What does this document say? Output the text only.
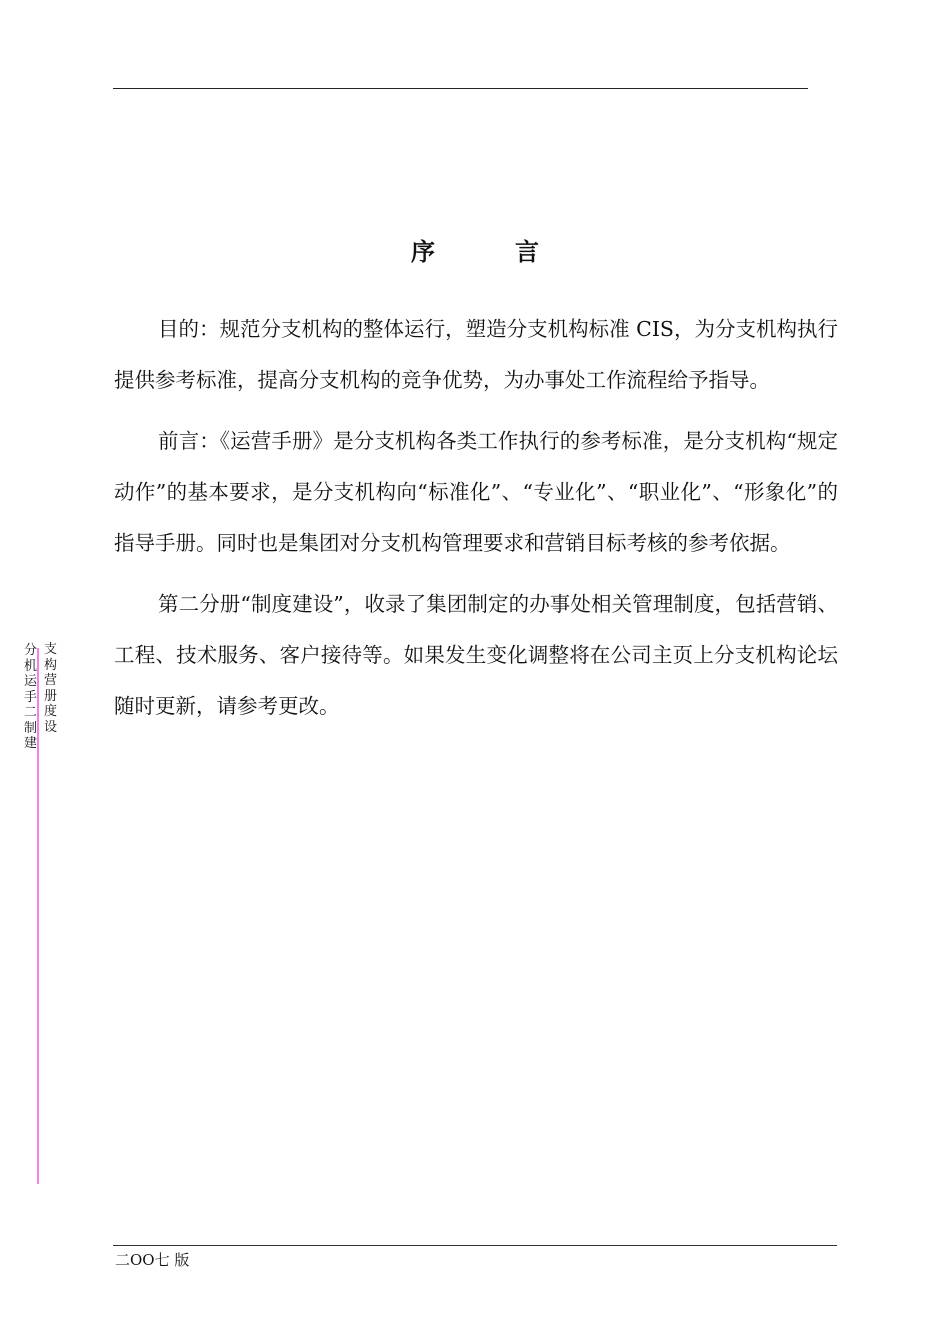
序　言

目的：规范分支机构的整体运行，塑造分支机构标准 CIS，为分支机构执行提供参考标准，提高分支机构的竞争优势，为办事处工作流程给予指导。

前言：《运营手册》是分支机构各类工作执行的参考标准，是分支机构“规定动作”的基本要求，是分支机构向“标准化”、“专业化”、“职业化”、“形象化”的指导手册。同时也是集团对分支机构管理要求和营销目标考核的参考依据。

第二分册“制度建设”，收录了集团制定的办事处相关管理制度，包括营销、工程、技术服务、客户接待等。如果发生变化调整将在公司主页上分支机构论坛随时更新，请参考更改。

支构营册度设
分机运手二制建
二OO七 版
